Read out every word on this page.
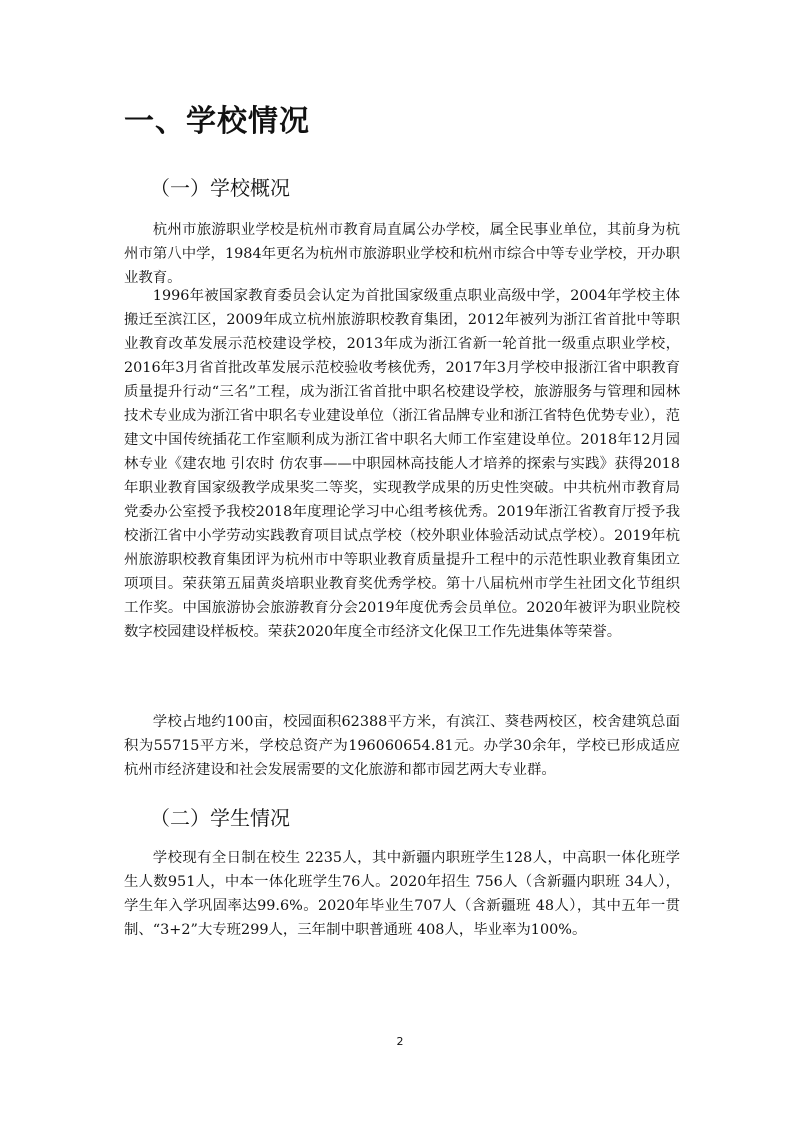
一、学校情况
（一）学校概况

杭州市旅游职业学校是杭州市教育局直属公办学校，属全民事业单位，其前身为杭州市第八中学，1984年更名为杭州市旅游职业学校和杭州市综合中等专业学校，开办职业教育。

1996年被国家教育委员会认定为首批国家级重点职业高级中学，2004年学校主体搬迁至滨江区，2009年成立杭州旅游职校教育集团，2012年被列为浙江省首批中等职业教育改革发展示范校建设学校，2013年成为浙江省新一轮首批一级重点职业学校，2016年3月省首批改革发展示范校验收考核优秀，2017年3月学校申报浙江省中职教育质量提升行动“三名”工程，成为浙江省首批中职名校建设学校，旅游服务与管理和园林技术专业成为浙江省中职名专业建设单位（浙江省品牌专业和浙江省特色优势专业），范建文中国传统插花工作室顺利成为浙江省中职名大师工作室建设单位。2018年12月园林专业《建农地 引农时 仿农事——中职园林高技能人才培养的探索与实践》获得2018年职业教育国家级教学成果奖二等奖，实现教学成果的历史性突破。中共杭州市教育局党委办公室授予我校2018年度理论学习中心组考核优秀。2019年浙江省教育厅授予我校浙江省中小学劳动实践教育项目试点学校（校外职业体验活动试点学校）。2019年杭州旅游职校教育集团评为杭州市中等职业教育质量提升工程中的示范性职业教育集团立项项目。荣获第五届黄炎培职业教育奖优秀学校。第十八届杭州市学生社团文化节组织工作奖。中国旅游协会旅游教育分会2019年度优秀会员单位。2020年被评为职业院校数字校园建设样板校。荣获2020年度全市经济文化保卫工作先进集体等荣誉。

学校占地约100亩，校园面积62388平方米，有滨江、葵巷两校区，校舍建筑总面积为55715平方米，学校总资产为196060654.81元。办学30余年，学校已形成适应杭州市经济建设和社会发展需要的文化旅游和都市园艺两大专业群。

（二）学生情况

学校现有全日制在校生 2235人，其中新疆内职班学生128人，中高职一体化班学生人数951人，中本一体化班学生76人。2020年招生 756人（含新疆内职班 34人），学生年入学巩固率达99.6%。2020年毕业生707人（含新疆班 48人），其中五年一贯制、“3+2”大专班299人，三年制中职普通班 408人，毕业率为100%。

2
